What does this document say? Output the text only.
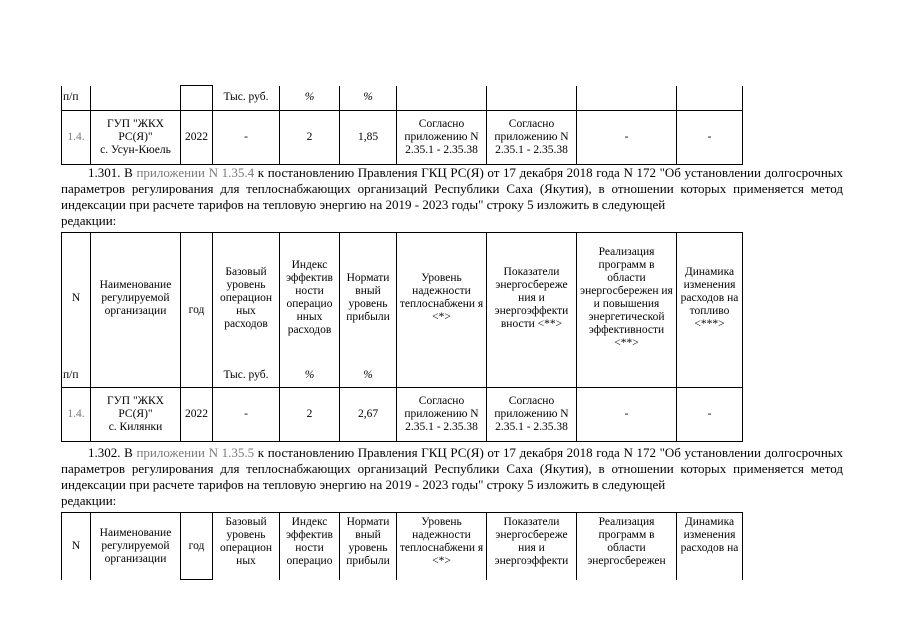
п/п			Тыс. руб.	%	%				
1.4.	ГУП "ЖКХ
РС(Я)"
с. Усун-Кюель	2022	-	2	1,85	Согласно приложению N 2.35.1 - 2.35.38	Согласно приложению N 2.35.1 - 2.35.38	-	-
1.301. В приложении N 1.35.4 к постановлению Правления ГКЦ РС(Я) от 17 декабря 2018 года N 172 "Об установлении долгосрочных параметров регулирования для теплоснабжающих организаций Республики Саха (Якутия), в отношении которых применяется метод индексации при расчете тарифов на тепловую энергию на 2019 - 2023 годы" строку 5 изложить в следующей
редакции:
N	Наименование регулируемой организации	год	Базовый уровень операцион ных расходов	Индекс эффектив ности операцио нных расходов	Нормати вный уровень прибыли	Уровень надежности теплоснабжени я <*>	Показатели энергосбереже ния и энергоэффекти вности <**>	Реализация программ в области энергосбережен ия и повышения энергетической эффективности <**>	Динамика изменения расходов на топливо <***>
п/п			Тыс. руб.	%	%				
1.4.	ГУП "ЖКХ
РС(Я)"
с. Килянки	2022	-	2	2,67	Согласно приложению N 2.35.1 - 2.35.38	Согласно приложению N 2.35.1 - 2.35.38	-	-
1.302. В приложении N 1.35.5 к постановлению Правления ГКЦ РС(Я) от 17 декабря 2018 года N 172 "Об установлении долгосрочных параметров регулирования для теплоснабжающих организаций Республики Саха (Якутия), в отношении которых применяется метод индексации при расчете тарифов на тепловую энергию на 2019 - 2023 годы" строку 5 изложить в следующей
редакции:
N	Наименование регулируемой организации	год	Базовый уровень операцион ных	Индекс эффектив ности операцио	Нормати вный уровень прибыли	Уровень надежности теплоснабжени я <*>	Показатели энергосбереже ния и энергоэффекти	Реализация программ в области энергосбережен	Динамика изменения расходов на
